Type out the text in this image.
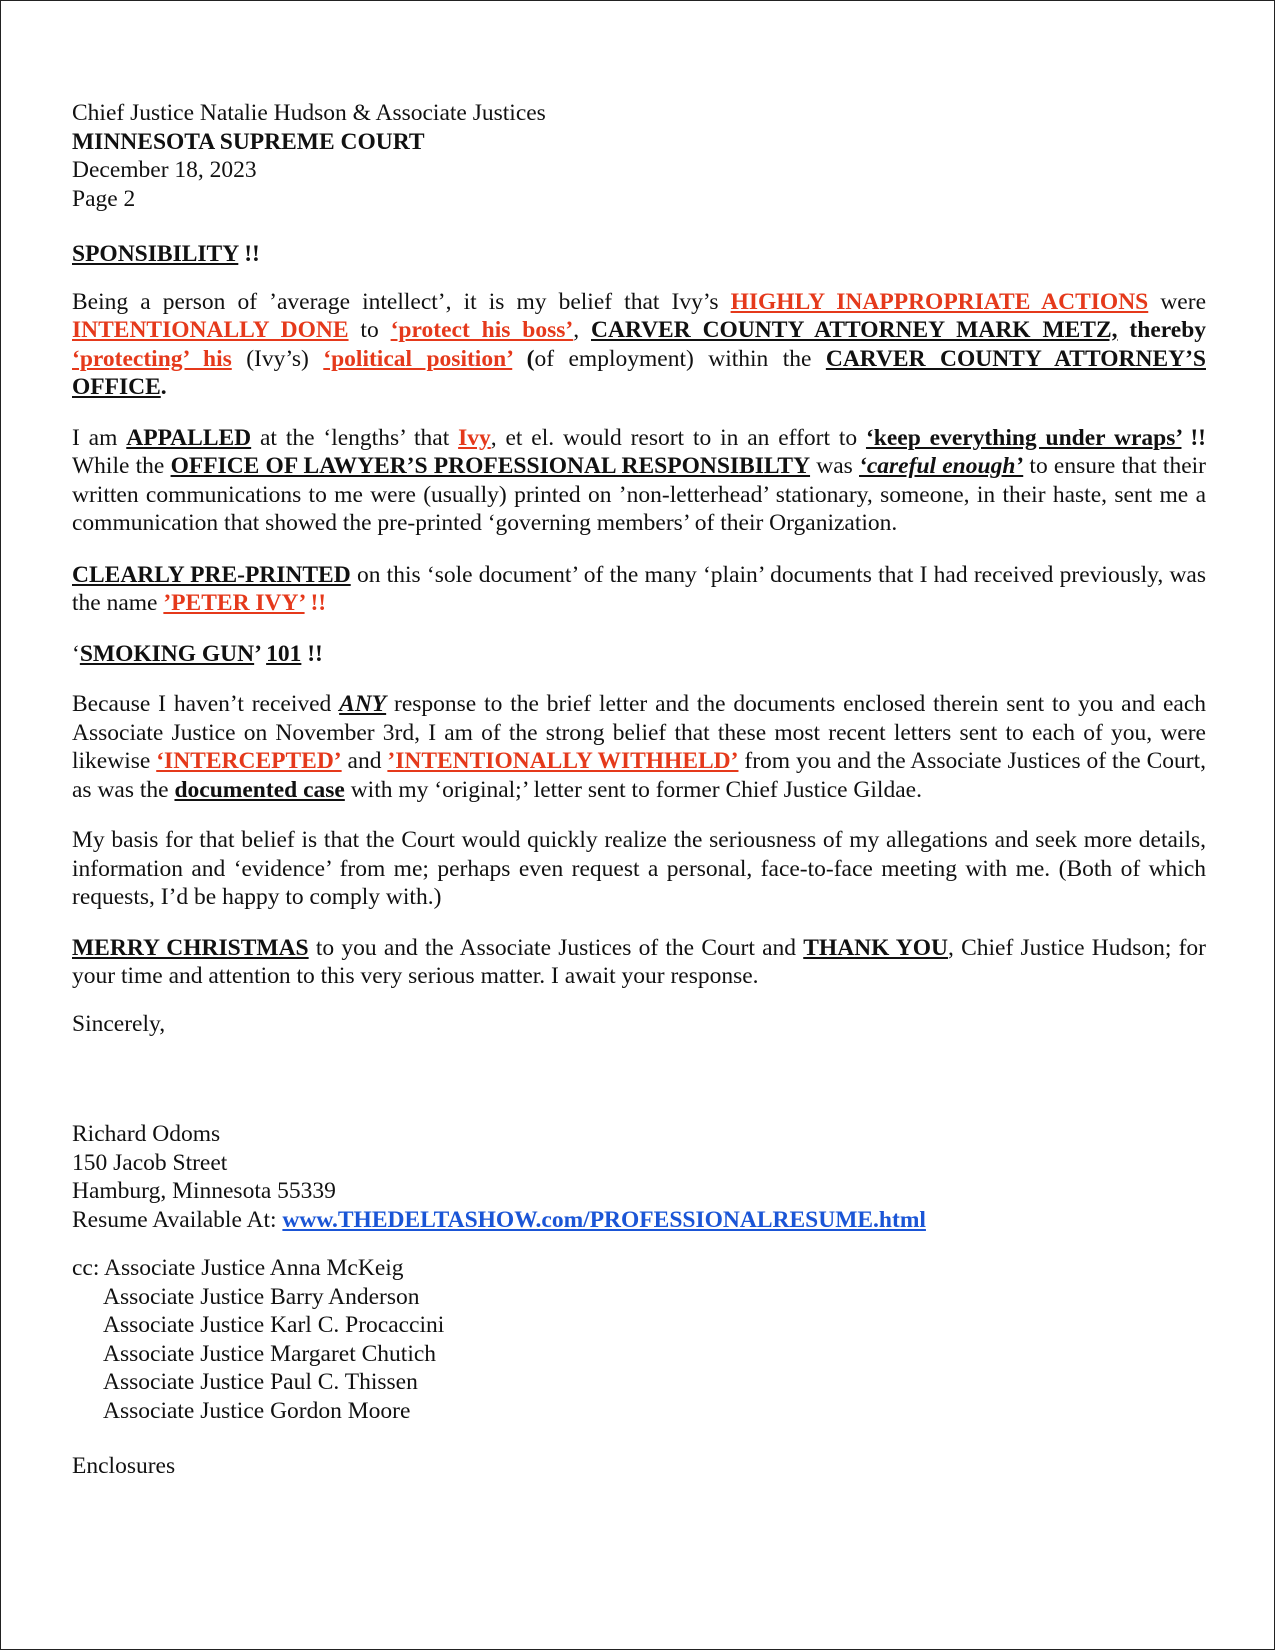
Chief Justice Natalie Hudson & Associate Justices
MINNESOTA SUPREME COURT
December 18, 2023
Page 2

SPONSIBILITY !!

Being a person of ’average intellect’, it is my belief that Ivy’s HIGHLY INAPPROPRIATE ACTIONS were INTENTIONALLY DONE to ‘protect his boss’, CARVER COUNTY ATTORNEY MARK METZ, thereby ‘protecting’ his (Ivy’s) ‘political position’ (of employment) within the CARVER COUNTY ATTORNEY’S OFFICE.

I am APPALLED at the ‘lengths’ that Ivy, et el. would resort to in an effort to ‘keep everything under wraps’ !! While the OFFICE OF LAWYER’S PROFESSIONAL RESPONSIBILTY was ‘careful enough’ to ensure that their written communications to me were (usually) printed on ’non-letterhead’ stationary, someone, in their haste, sent me a communication that showed the pre-printed ‘governing members’ of their Organization.

CLEARLY PRE-PRINTED on this ‘sole document’ of the many ‘plain’ documents that I had received previously, was the name ’PETER IVY’ !!

‘SMOKING GUN’ 101 !!

Because I haven’t received ANY response to the brief letter and the documents enclosed therein sent to you and each Associate Justice on November 3rd, I am of the strong belief that these most recent letters sent to each of you, were likewise ‘INTERCEPTED’ and ’INTENTIONALLY WITHHELD’ from you and the Associate Justices of the Court, as was the documented case with my ‘original;’ letter sent to former Chief Justice Gildae.

My basis for that belief is that the Court would quickly realize the seriousness of my allegations and seek more details, information and ‘evidence’ from me; perhaps even request a personal, face-to-face meeting with me. (Both of which requests, I’d be happy to comply with.)

MERRY CHRISTMAS to you and the Associate Justices of the Court and THANK YOU, Chief Justice Hudson; for your time and attention to this very serious matter. I await your response.

Sincerely,
Richard Odoms
150 Jacob Street
Hamburg, Minnesota 55339
Resume Available At: www.THEDELTASHOW.com/PROFESSIONALRESUME.html
cc: Associate Justice Anna McKeig
Associate Justice Barry Anderson
Associate Justice Karl C. Procaccini
Associate Justice Margaret Chutich
Associate Justice Paul C. Thissen
Associate Justice Gordon Moore
Enclosures
